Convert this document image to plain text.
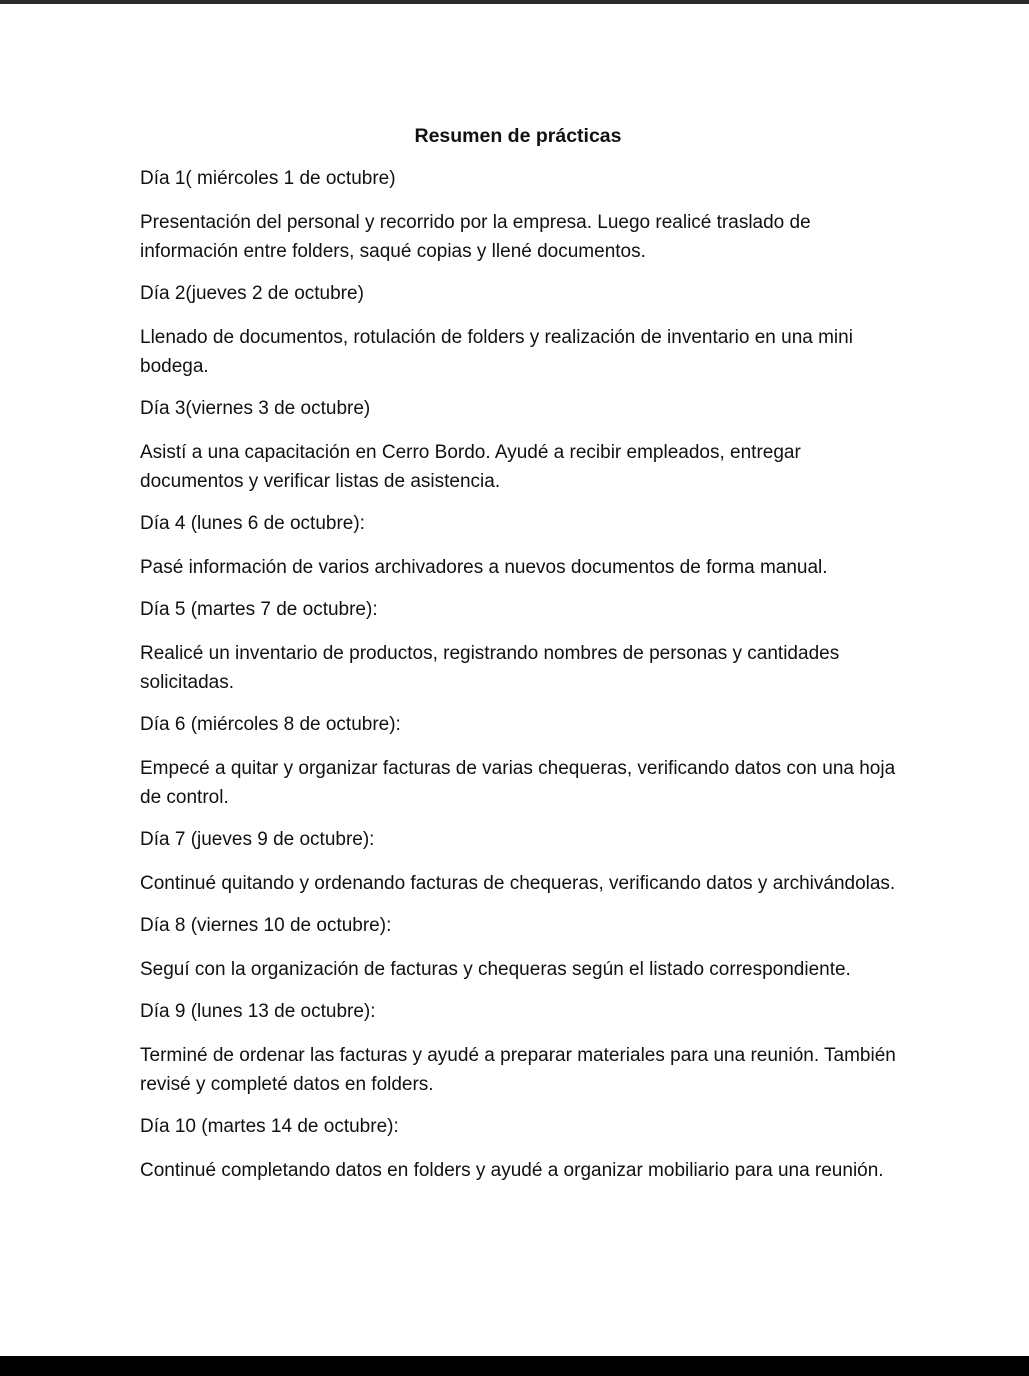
Resumen de prácticas
Día 1( miércoles 1 de octubre)
Presentación del personal y recorrido por la empresa. Luego realicé traslado de información entre folders, saqué copias y llené documentos.
Día 2(jueves 2 de octubre)
Llenado de documentos, rotulación de folders y realización de inventario en una mini bodega.
Día 3(viernes 3 de octubre)
Asistí a una capacitación en Cerro Bordo. Ayudé a recibir empleados, entregar documentos y verificar listas de asistencia.
Día 4 (lunes 6 de octubre):
Pasé información de varios archivadores a nuevos documentos de forma manual.
Día 5 (martes 7 de octubre):
Realicé un inventario de productos, registrando nombres de personas y cantidades solicitadas.
Día 6 (miércoles 8 de octubre):
Empecé a quitar y organizar facturas de varias chequeras, verificando datos con una hoja de control.
Día 7 (jueves 9 de octubre):
Continué quitando y ordenando facturas de chequeras, verificando datos y archivándolas.
Día 8 (viernes 10 de octubre):
Seguí con la organización de facturas y chequeras según el listado correspondiente.
Día 9 (lunes 13 de octubre):
Terminé de ordenar las facturas y ayudé a preparar materiales para una reunión. También revisé y completé datos en folders.
Día 10 (martes 14 de octubre):
Continué completando datos en folders y ayudé a organizar mobiliario para una reunión.
